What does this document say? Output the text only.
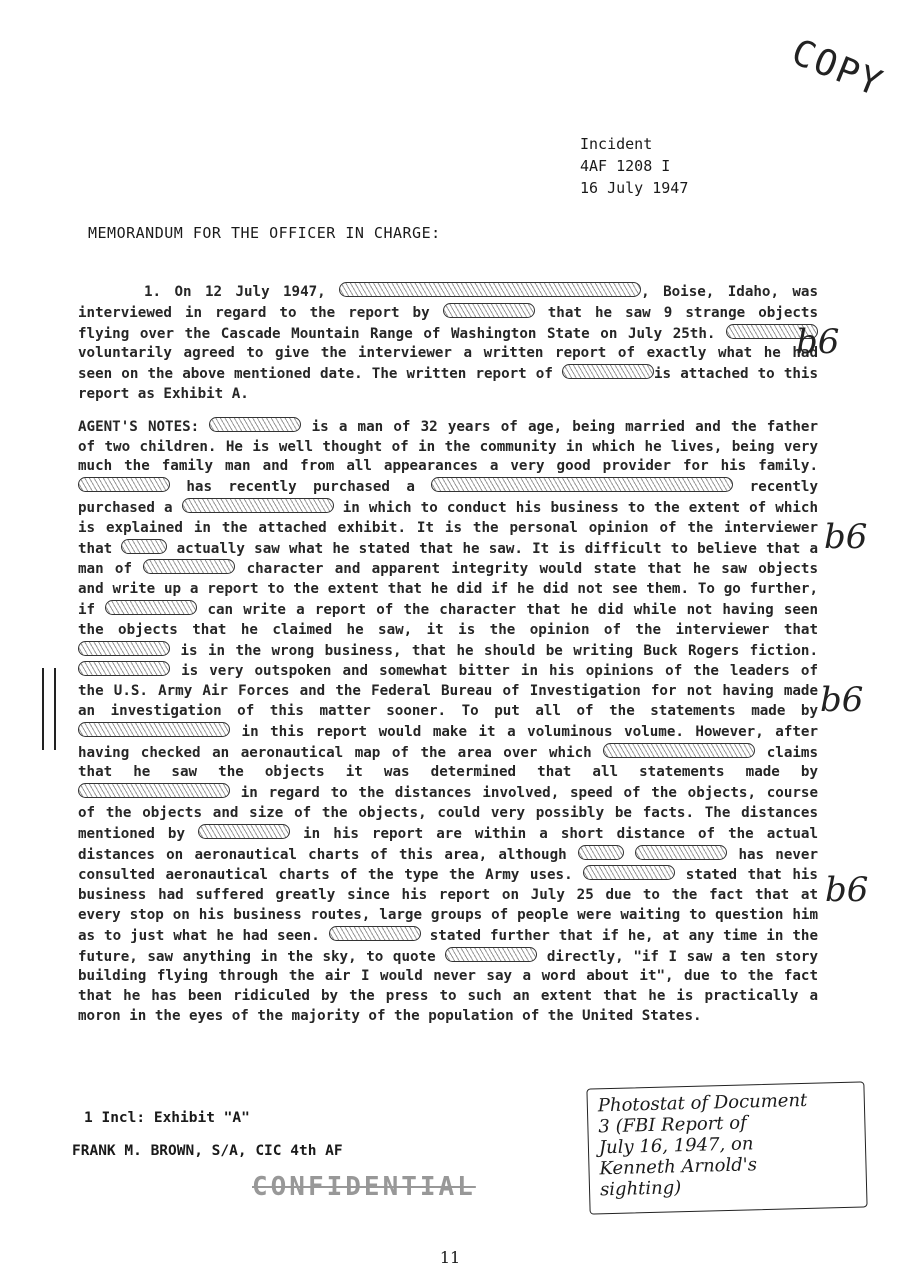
COPY
Incident
4AF 1208 I
16 July 1947
MEMORANDUM FOR THE OFFICER IN CHARGE:

1. On 12 July 1947,	, Boise, Idaho, was interviewed in regard to the report by	that he saw 9 strange objects flying over the Cascade Mountain Range of Washington State on July 25th.  voluntarily agreed to give the interviewer a written report of exactly what he had seen on the above mentioned date. The written report of	is attached to this report as Exhibit A.

AGENT'S NOTES:	is a man of 32 years of age, being married and the father of two children. He is well thought of in the community in which he lives, being very much the family man and from all appearances a very good provider for his family.  has recently purchased a	recently purchased a	in which to conduct his business to the extent of which is explained in the attached exhibit. It is the personal opinion of the interviewer that	actually saw what he stated that he saw. It is difficult to believe that a man of	character and apparent integrity would state that he saw objects and write up a report to the extent that he did if he did not see them. To go further, if	can write a report of the character that he did while not having seen the objects that he claimed he saw, it is the opinion of the interviewer that  is in the wrong business, that he should be writing Buck Rogers fiction.  is very outspoken and somewhat bitter in his opinions of the leaders of the U.S. Army Air Forces and the Federal Bureau of Investigation for not having made an investigation of this matter sooner. To put all of the statements made by  in this report would make it a voluminous volume. However, after having checked an aeronautical map of the area over which	claims that he saw the objects it was determined that all statements made by  in regard to the distances involved, speed of the objects, course of the objects and size of the objects, could very possibly be facts. The distances mentioned by	in his report are within a short distance of the actual distances on aeronautical charts of this area, although	has never consulted aeronautical charts of the type the Army uses.	stated that his business had suffered greatly since his report on July 25 due to the fact that at every stop on his business routes, large groups of people were waiting to question him as to just what he had seen.	stated further that if he, at any time in the future, saw anything in the sky, to quote	directly, "if I saw a ten story building flying through the air I would never say a word about it", due to the fact that he has been ridiculed by the press to such an extent that he is practically a moron in the eyes of the majority of the population of the United States.

b6
b6
b6
b6
1 Incl: Exhibit "A"
FRANK M. BROWN, S/A, CIC 4th AF
CONFIDENTIAL
Photostat of Document
3 (FBI Report of
July 16, 1947, on
Kenneth Arnold's
sighting)
11
